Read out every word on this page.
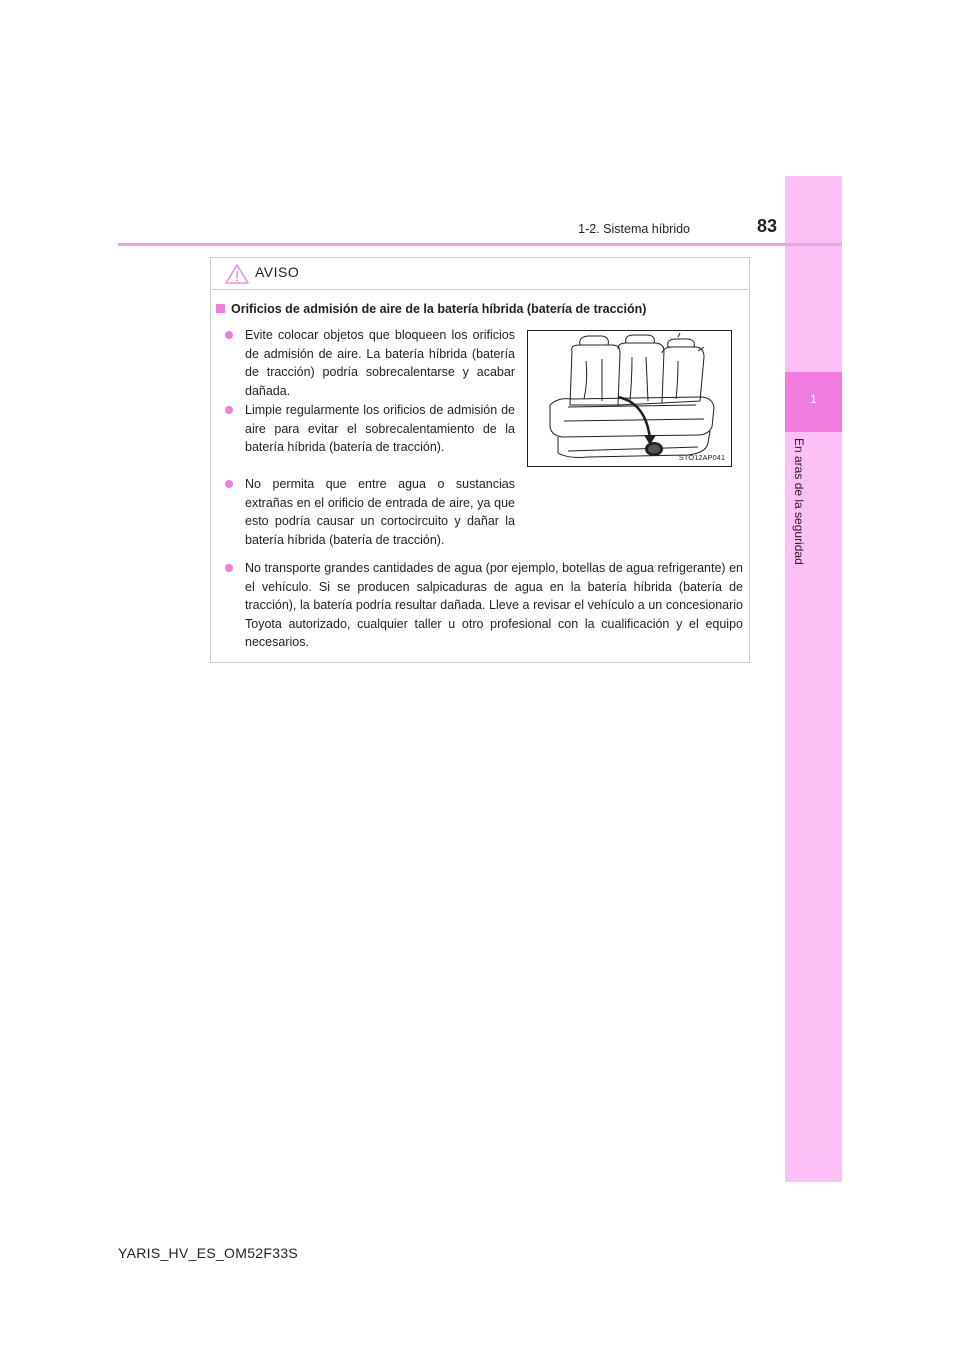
1
En aras de la seguridad
1-2. Sistema híbrido	83
AVISO
Orificios de admisión de aire de la batería híbrida (batería de tracción)
Evite colocar objetos que bloqueen los orificios de admisión de aire. La batería híbrida (batería de tracción) podría sobrecalentarse y acabar dañada.
Limpie regularmente los orificios de admisión de aire para evitar el sobrecalentamiento de la batería híbrida (batería de tracción).
No permita que entre agua o sustancias extrañas en el orificio de entrada de aire, ya que esto podría causar un cortocircuito y dañar la batería híbrida (batería de tracción).
No transporte grandes cantidades de agua (por ejemplo, botellas de agua refrigerante) en el vehículo. Si se producen salpicaduras de agua en la batería híbrida (batería de tracción), la batería podría resultar dañada. Lleve a revisar el vehículo a un concesionario Toyota autorizado, cualquier taller u otro profesional con la cualificación y el equipo necesarios.
STO12AP041
YARIS_HV_ES_OM52F33S
